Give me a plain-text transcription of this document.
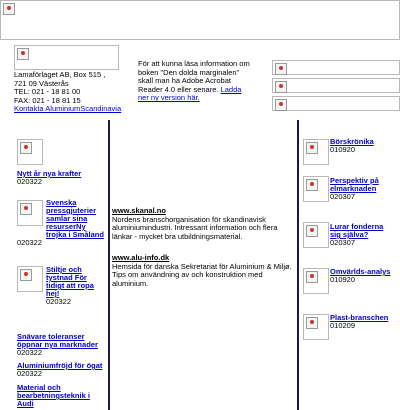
Lamaförlaget AB, Box 515 ,
721 09 Västerås
TEL: 021 - 18 81 00
FAX: 021 - 18 81 15
Kontakta AluminiumScandinavia
För att kunna läsa information om boken "Den dolda marginalen" skall man ha Adobe Acrobat Reader 4.0 eller senare. Ladda ner ny version här.
Nytt år nya krafter
020322
Svenska pressgjuterier samlar sina resurserNy trojka i Småland
020322
Stiltje och tystnad För tidigt att ropa hej!
020322
Snävare toleranser öppnar nya marknader
020322
Aluminiumfröjd för ögat
020322
Material och bearbetningsteknik i Audi
www.skanal.no
Nordens branschorganisation för skandinavisk aluminiumindustri. Intressant information och flera länkar - mycket bra utbildningsmaterial.
www.alu-info.dk
Hemsida för danska Sekretariat för Aluminium & Miljø. Tips om användning av och konstruktion med aluminium.
Börskrönika
010920
Perspektiv på elmarknaden
020307
Lurar fonderna sig själva?
020307
Omvärlds-analys
010920
Plast-branschen
010209
